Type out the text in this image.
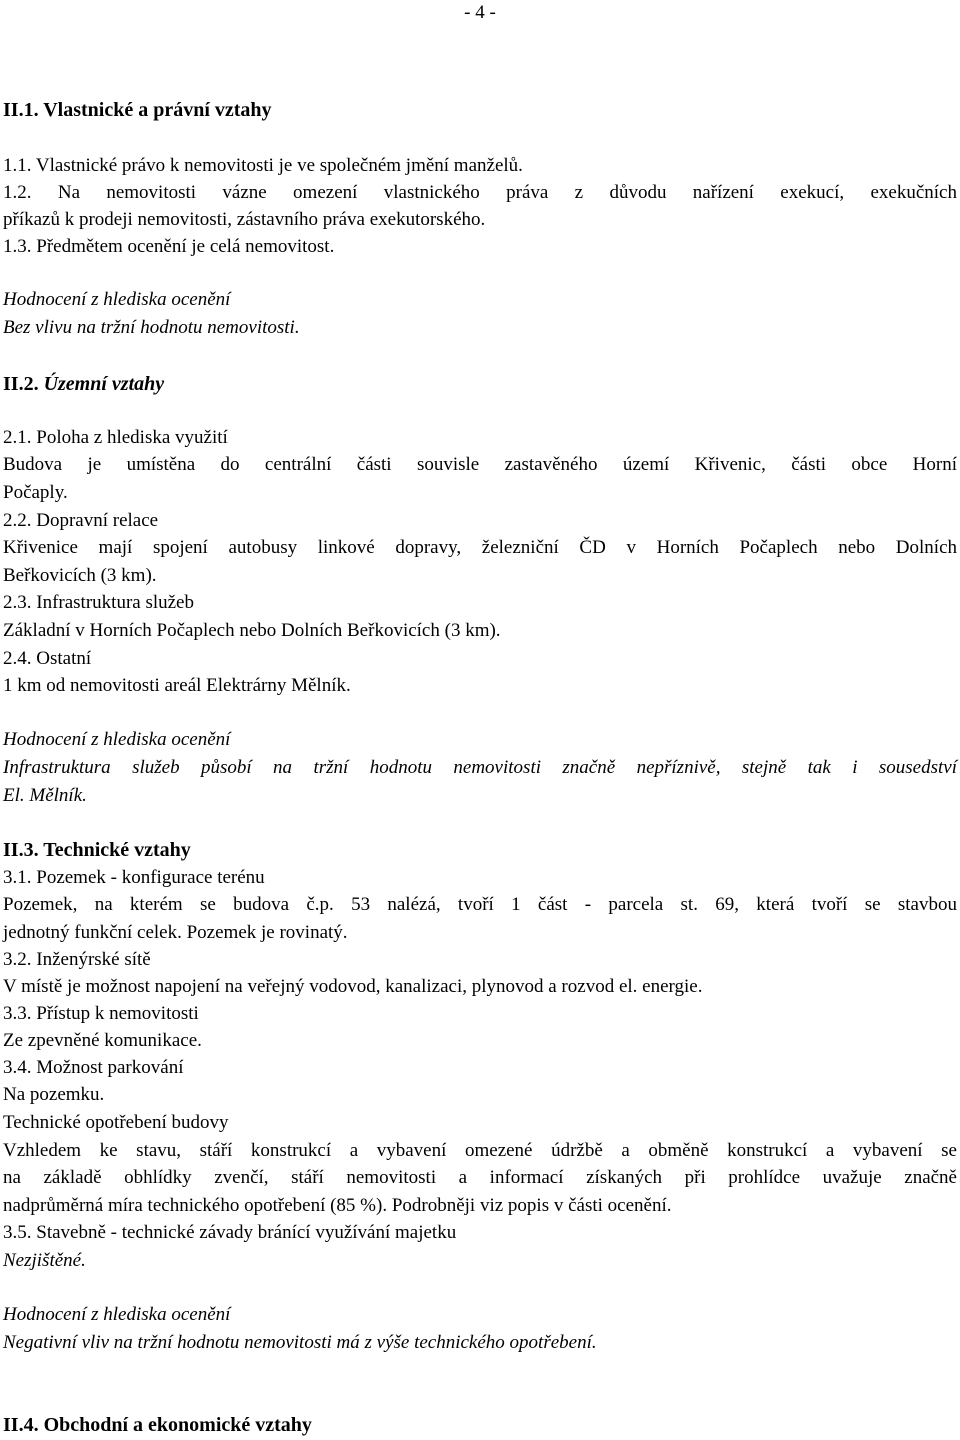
- 4 -
II.1. Vlastnické a právní vztahy
1.1. Vlastnické právo k nemovitosti je ve společném jmění manželů.
1.2. Na nemovitosti vázne omezení vlastnického práva z důvodu nařízení exekucí, exekučních
příkazů k prodeji nemovitosti, zástavního práva exekutorského.
1.3. Předmětem ocenění je celá nemovitost.
Hodnocení z hlediska ocenění
Bez vlivu na tržní hodnotu nemovitosti.
II.2. Územní vztahy
2.1. Poloha z hlediska využití
Budova je umístěna do centrální části souvisle zastavěného území Křivenic, části obce Horní
Počaply.
2.2. Dopravní relace
Křivenice mají spojení autobusy linkové dopravy, železniční ČD v Horních Počaplech nebo Dolních
Beřkovicích (3 km).
2.3. Infrastruktura služeb
Základní v Horních Počaplech nebo Dolních Beřkovicích (3 km).
2.4. Ostatní
1 km od nemovitosti areál Elektrárny Mělník.
Hodnocení z hlediska ocenění
Infrastruktura služeb působí na tržní hodnotu nemovitosti značně nepříznivě, stejně tak i sousedství
El. Mělník.
II.3. Technické vztahy
3.1. Pozemek - konfigurace terénu
Pozemek, na kterém se budova č.p. 53 nalézá, tvoří 1 část - parcela st. 69, která tvoří se stavbou
jednotný funkční celek. Pozemek je rovinatý.
3.2. Inženýrské sítě
V místě je možnost napojení na veřejný vodovod, kanalizaci, plynovod a rozvod el. energie.
3.3. Přístup k nemovitosti
Ze zpevněné komunikace.
3.4. Možnost parkování
Na pozemku.
Technické opotřebení budovy
Vzhledem ke stavu, stáří konstrukcí a vybavení omezené údržbě a obměně konstrukcí a vybavení se
na základě obhlídky zvenčí, stáří nemovitosti a informací získaných při prohlídce uvažuje značně
nadprůměrná míra technického opotřebení (85 %). Podrobněji viz popis v části ocenění.
3.5. Stavebně - technické závady bránící využívání majetku
Nezjištěné.
Hodnocení z hlediska ocenění
Negativní vliv na tržní hodnotu nemovitosti má z výše technického opotřebení.
II.4. Obchodní a ekonomické vztahy
